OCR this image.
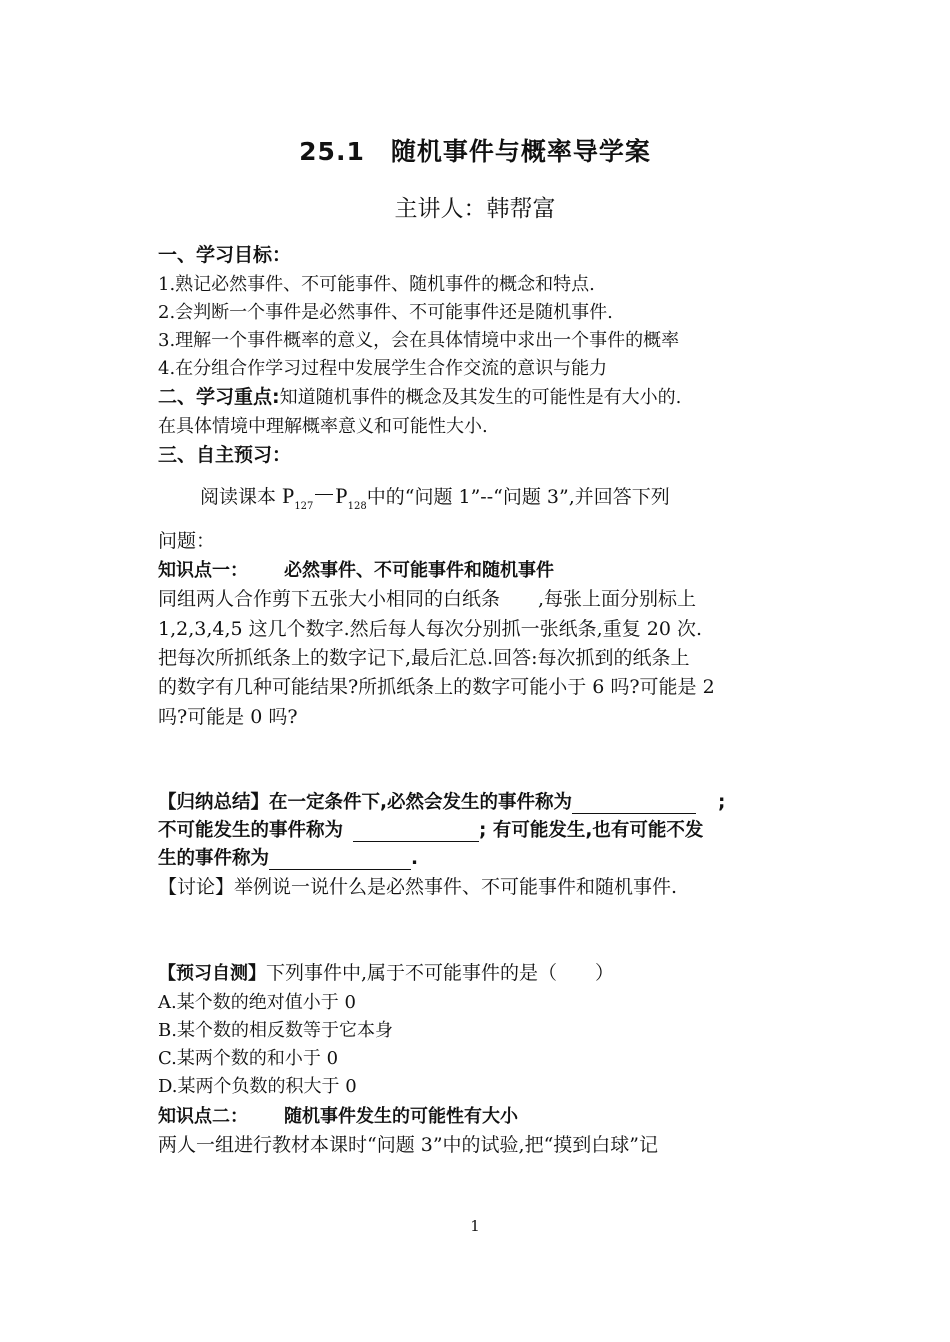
25.1　随机事件与概率导学案
主讲人：韩帮富
一、学习目标：
1.熟记必然事件、不可能事件、随机事件的概念和特点.
2.会判断一个事件是必然事件、不可能事件还是随机事件.
3.理解一个事件概率的意义，会在具体情境中求出一个事件的概率
4.在分组合作学习过程中发展学生合作交流的意识与能力
二、学习重点:知道随机事件的概念及其发生的可能性是有大小的.
在具体情境中理解概率意义和可能性大小.
三、自主预习：
阅读课本 $P_{127}$ $P_{128}$中的“问题 1”--“问题 3”,并回答下列
问题：
知识点一： 必然事件、不可能事件和随机事件
同组两人合作剪下五张大小相同的白纸条　　,每张上面分别标上
1,2,3,4,5 这几个数字.然后每人每次分别抓一张纸条,重复 20 次.
把每次所抓纸条上的数字记下,最后汇总.回答:每次抓到的纸条上
的数字有几种可能结果?所抓纸条上的数字可能小于 6 吗?可能是 2
吗?可能是 0 吗?
【归纳总结】在一定条件下,必然会发生的事件称为	;
不可能发生的事件称为	; 有可能发生,也有可能不发
生的事件称为	.
【讨论】举例说一说什么是必然事件、不可能事件和随机事件.
【预习自测】下列事件中,属于不可能事件的是（　　）
A.某个数的绝对值小于 0
B.某个数的相反数等于它本身
C.某两个数的和小于 0
D.某两个负数的积大于 0
知识点二： 随机事件发生的可能性有大小
两人一组进行教材本课时“问题 3”中的试验,把“摸到白球”记
1
